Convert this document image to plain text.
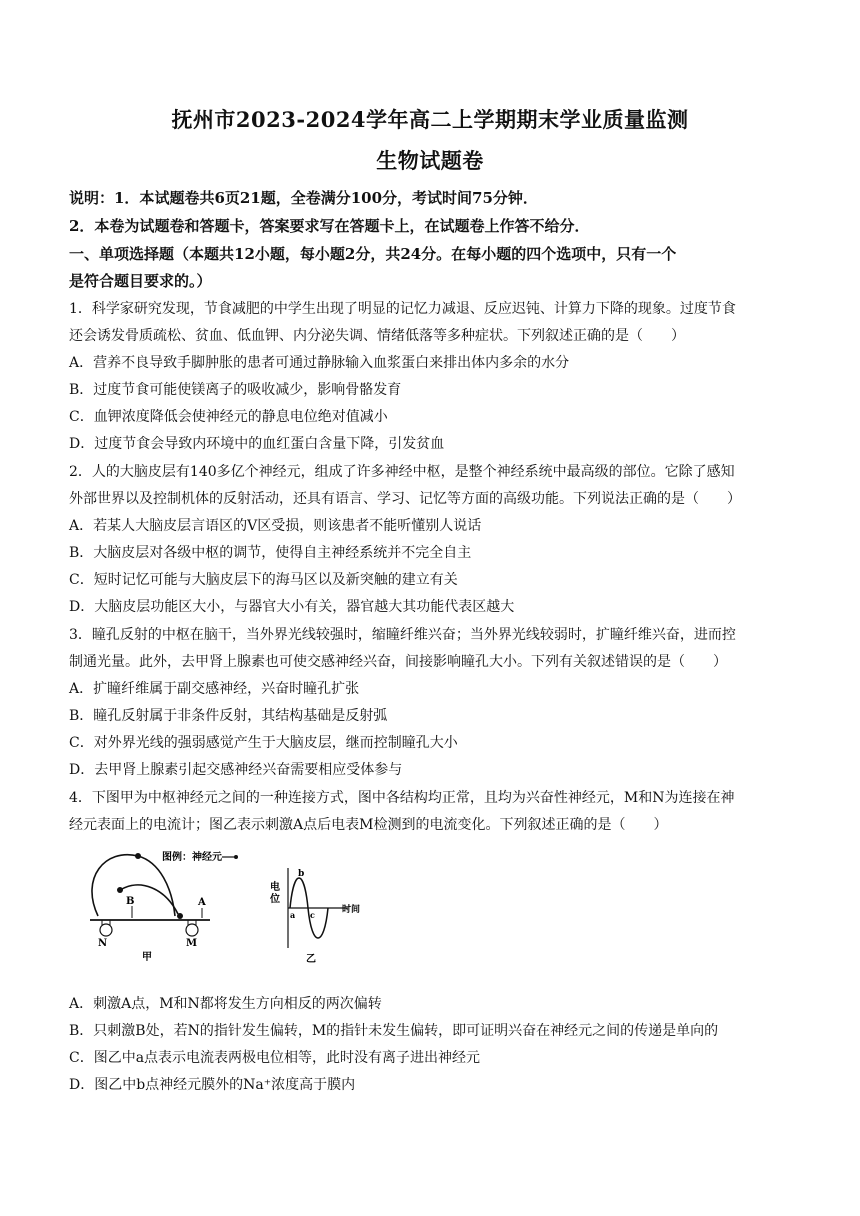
抚州市2023-2024学年高二上学期期末学业质量监测
生物试题卷
说明：1．本试题卷共6页21题，全卷满分100分，考试时间75分钟．
2．本卷为试题卷和答题卡，答案要求写在答题卡上，在试题卷上作答不给分．
一、单项选择题（本题共12小题，每小题2分，共24分。在每小题的四个选项中，只有一个
是符合题目要求的。）
1．科学家研究发现，节食减肥的中学生出现了明显的记忆力减退、反应迟钝、计算力下降的现象。过度节食
还会诱发骨质疏松、贫血、低血钾、内分泌失调、情绪低落等多种症状。下列叙述正确的是（　　）
A．营养不良导致手脚肿胀的患者可通过静脉输入血浆蛋白来排出体内多余的水分
B．过度节食可能使镁离子的吸收减少，影响骨骼发育
C．血钾浓度降低会使神经元的静息电位绝对值减小
D．过度节食会导致内环境中的血红蛋白含量下降，引发贫血
2．人的大脑皮层有140多亿个神经元，组成了许多神经中枢，是整个神经系统中最高级的部位。它除了感知
外部世界以及控制机体的反射活动，还具有语言、学习、记忆等方面的高级功能。下列说法正确的是（　　）
A．若某人大脑皮层言语区的V区受损，则该患者不能听懂别人说话
B．大脑皮层对各级中枢的调节，使得自主神经系统并不完全自主
C．短时记忆可能与大脑皮层下的海马区以及新突触的建立有关
D．大脑皮层功能区大小，与器官大小有关，器官越大其功能代表区越大
3．瞳孔反射的中枢在脑干，当外界光线较强时，缩瞳纤维兴奋；当外界光线较弱时，扩瞳纤维兴奋，进而控
制通光量。此外，去甲肾上腺素也可使交感神经兴奋，间接影响瞳孔大小。下列有关叙述错误的是（　　）
A．扩瞳纤维属于副交感神经，兴奋时瞳孔扩张
B．瞳孔反射属于非条件反射，其结构基础是反射弧
C．对外界光线的强弱感觉产生于大脑皮层，继而控制瞳孔大小
D．去甲肾上腺素引起交感神经兴奋需要相应受体参与
4．下图甲为中枢神经元之间的一种连接方式，图中各结构均正常，且均为兴奋性神经元，M和N为连接在神
经元表面上的电流计；图乙表示刺激A点后电表M检测到的电流变化。下列叙述正确的是（　　）
B	A
N	M
图例：神经元
甲
电
位
时间
a
b
c
乙
A．刺激A点，M和N都将发生方向相反的两次偏转
B．只刺激B处，若N的指针发生偏转，M的指针未发生偏转，即可证明兴奋在神经元之间的传递是单向的
C．图乙中a点表示电流表两极电位相等，此时没有离子进出神经元
D．图乙中b点神经元膜外的Na⁺浓度高于膜内
